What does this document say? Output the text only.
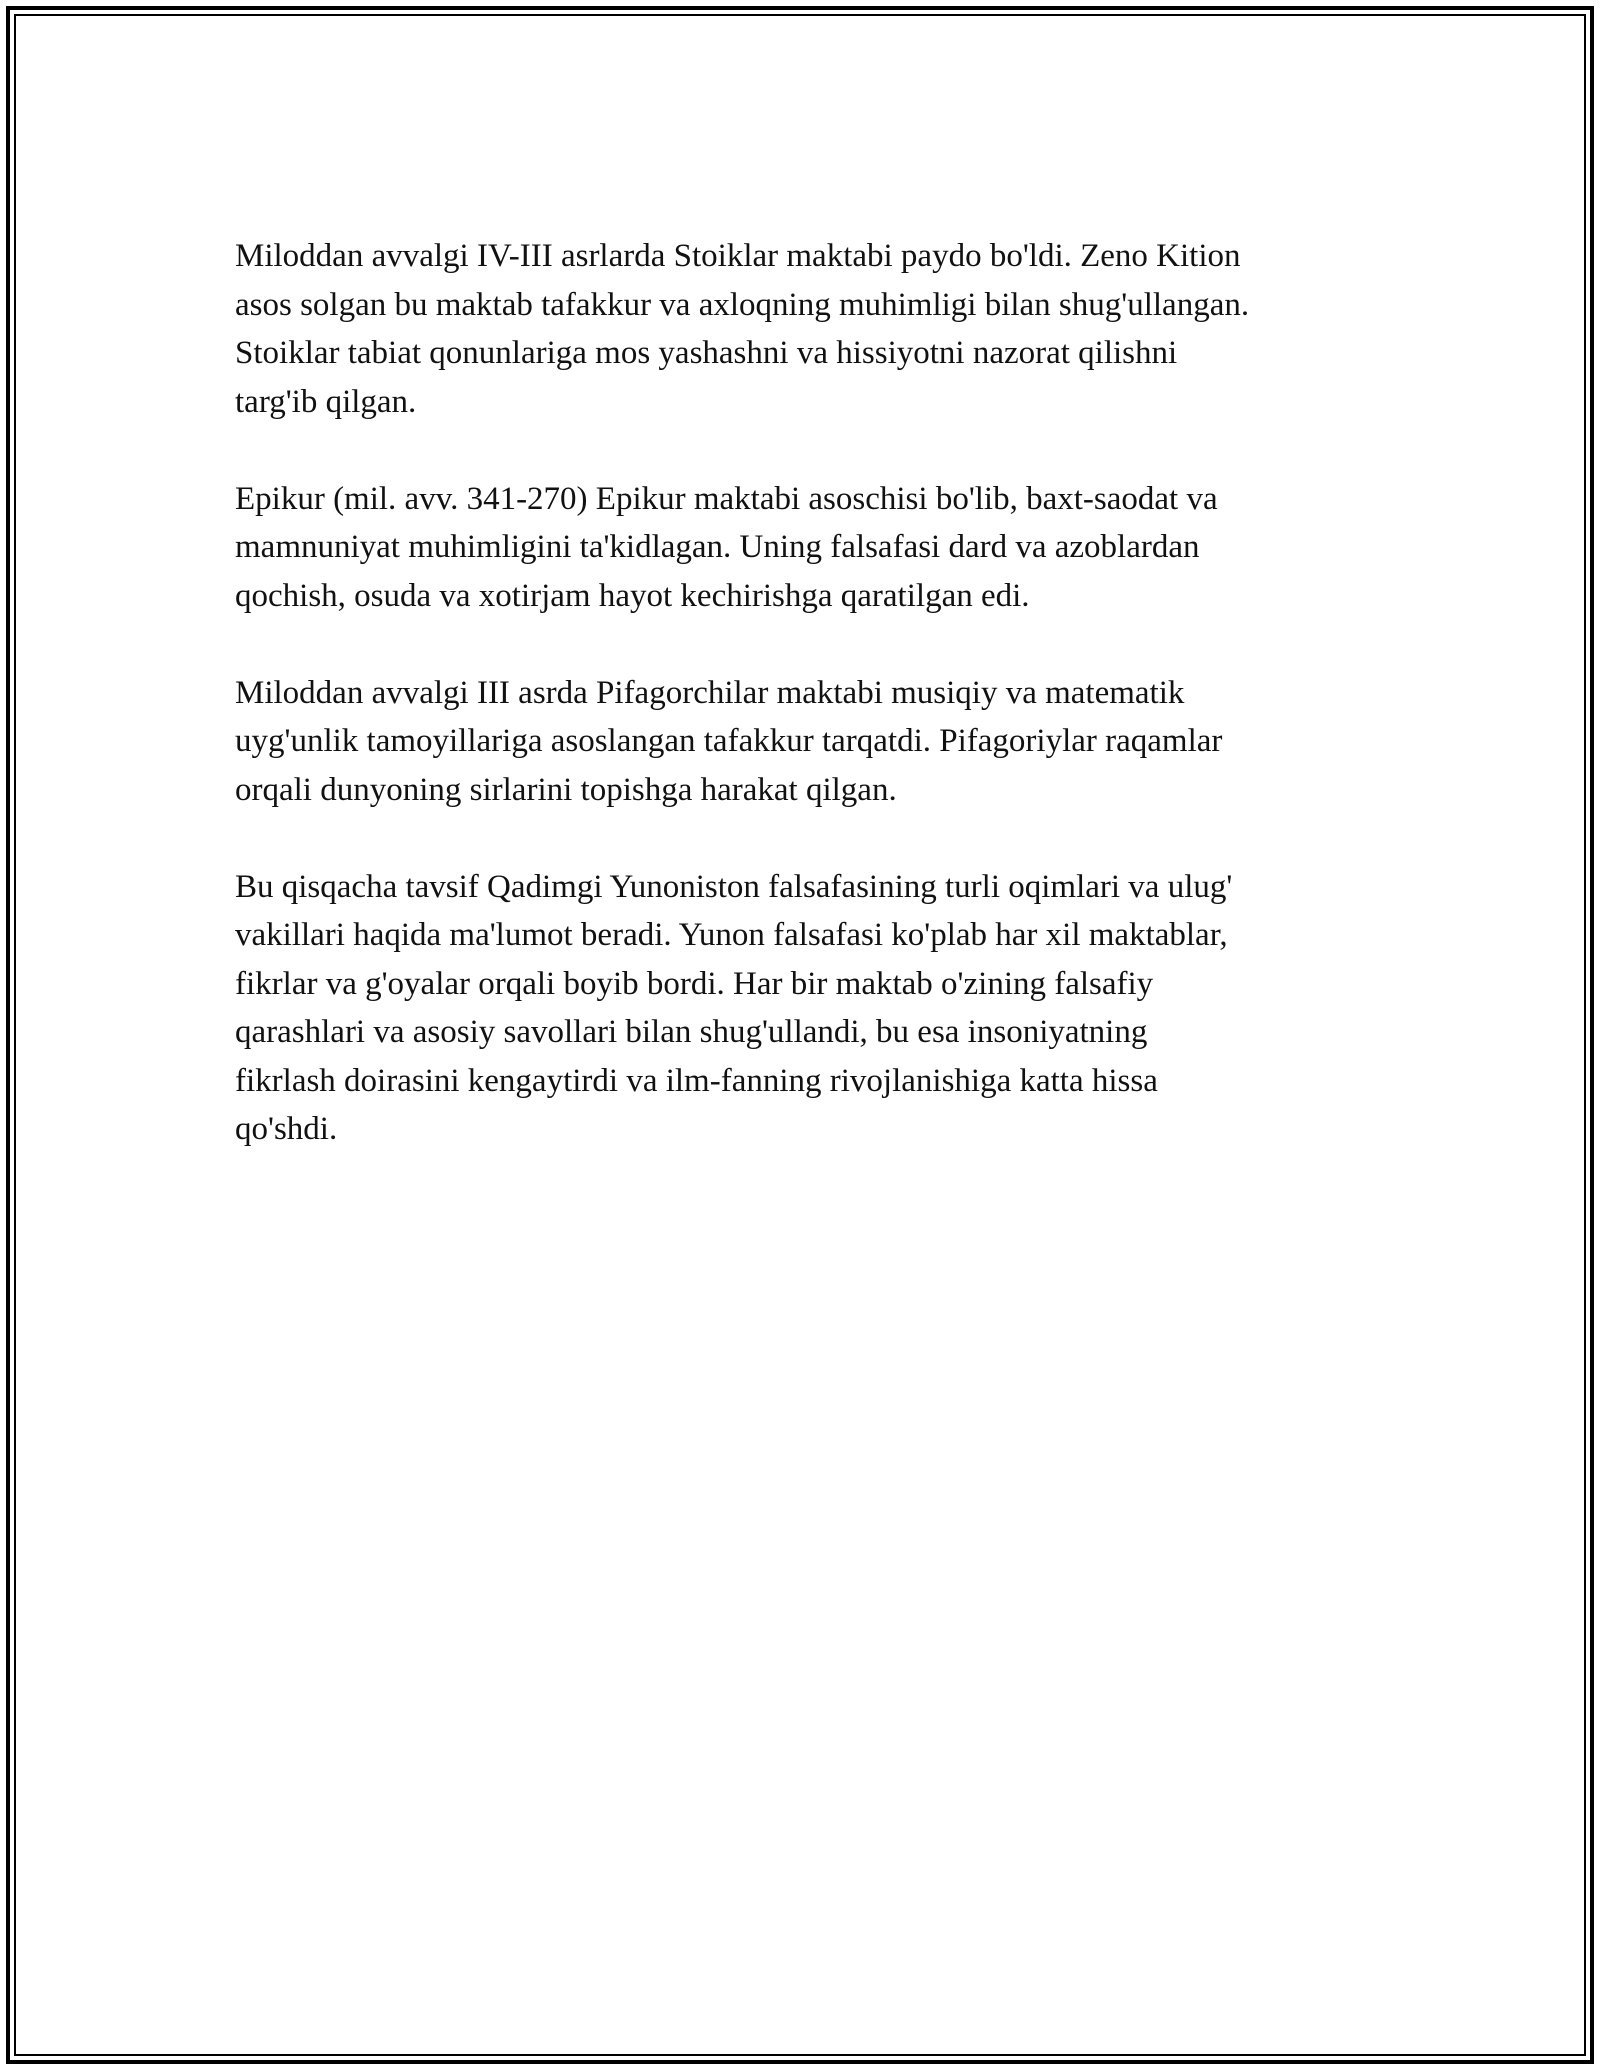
Miloddan avvalgi IV-III asrlarda Stoiklar maktabi paydo bo'ldi. Zeno Kition
asos solgan bu maktab tafakkur va axloqning muhimligi bilan shug'ullangan.
Stoiklar tabiat qonunlariga mos yashashni va hissiyotni nazorat qilishni
targ'ib qilgan.

Epikur (mil. avv. 341-270) Epikur maktabi asoschisi bo'lib, baxt-saodat va
mamnuniyat muhimligini ta'kidlagan. Uning falsafasi dard va azoblardan
qochish, osuda va xotirjam hayot kechirishga qaratilgan edi.

Miloddan avvalgi III asrda Pifagorchilar maktabi musiqiy va matematik
uyg'unlik tamoyillariga asoslangan tafakkur tarqatdi. Pifagoriylar raqamlar
orqali dunyoning sirlarini topishga harakat qilgan.

Bu qisqacha tavsif Qadimgi Yunoniston falsafasining turli oqimlari va ulug'
vakillari haqida ma'lumot beradi. Yunon falsafasi ko'plab har xil maktablar,
fikrlar va g'oyalar orqali boyib bordi. Har bir maktab o'zining falsafiy
qarashlari va asosiy savollari bilan shug'ullandi, bu esa insoniyatning
fikrlash doirasini kengaytirdi va ilm-fanning rivojlanishiga katta hissa
qo'shdi.
